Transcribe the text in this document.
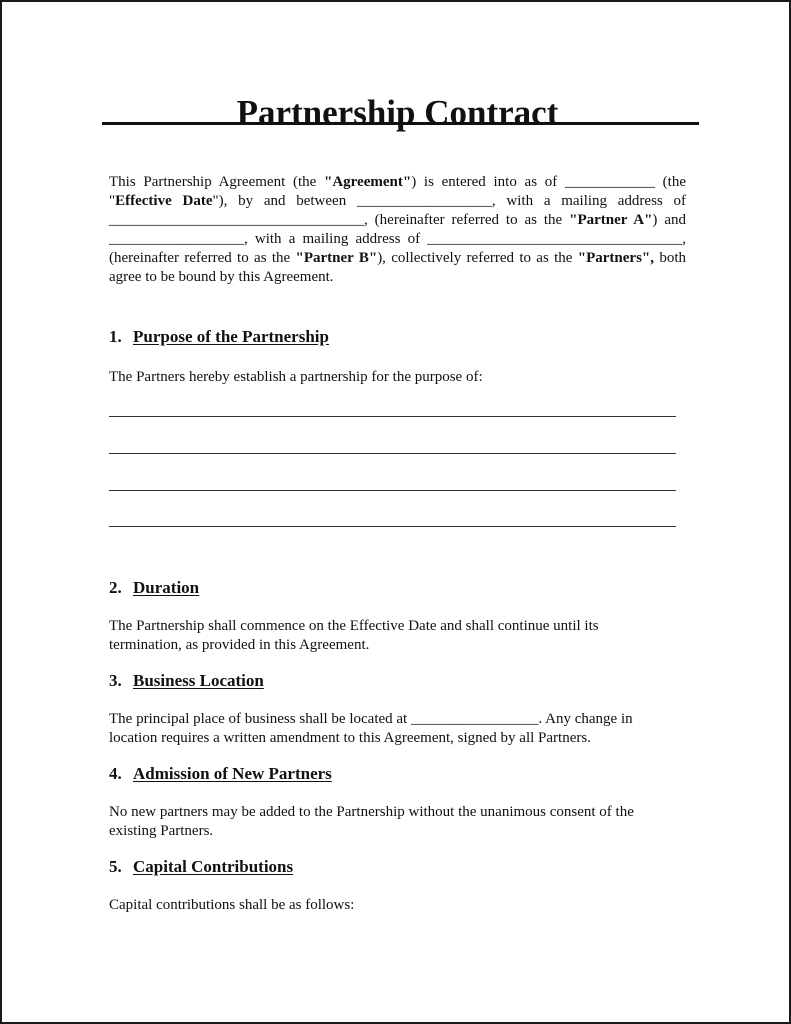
Partnership Contract

This Partnership Agreement (the "Agreement") is entered into as of ____________ (the
"Effective Date"), by and between __________________, with a mailing address of
__________________________________, (hereinafter referred to as the "Partner A") and
__________________, with a mailing address of __________________________________,
(hereinafter referred to as the "Partner B"), collectively referred to as the "Partners", both
agree to be bound by this Agreement.

1. Purpose of the Partnership

The Partners hereby establish a partnership for the purpose of:

2. Duration

The Partnership shall commence on the Effective Date and shall continue until its
termination, as provided in this Agreement.

3. Business Location

The principal place of business shall be located at _________________. Any change in
location requires a written amendment to this Agreement, signed by all Partners.

4. Admission of New Partners

No new partners may be added to the Partnership without the unanimous consent of the
existing Partners.

5. Capital Contributions

Capital contributions shall be as follows:
